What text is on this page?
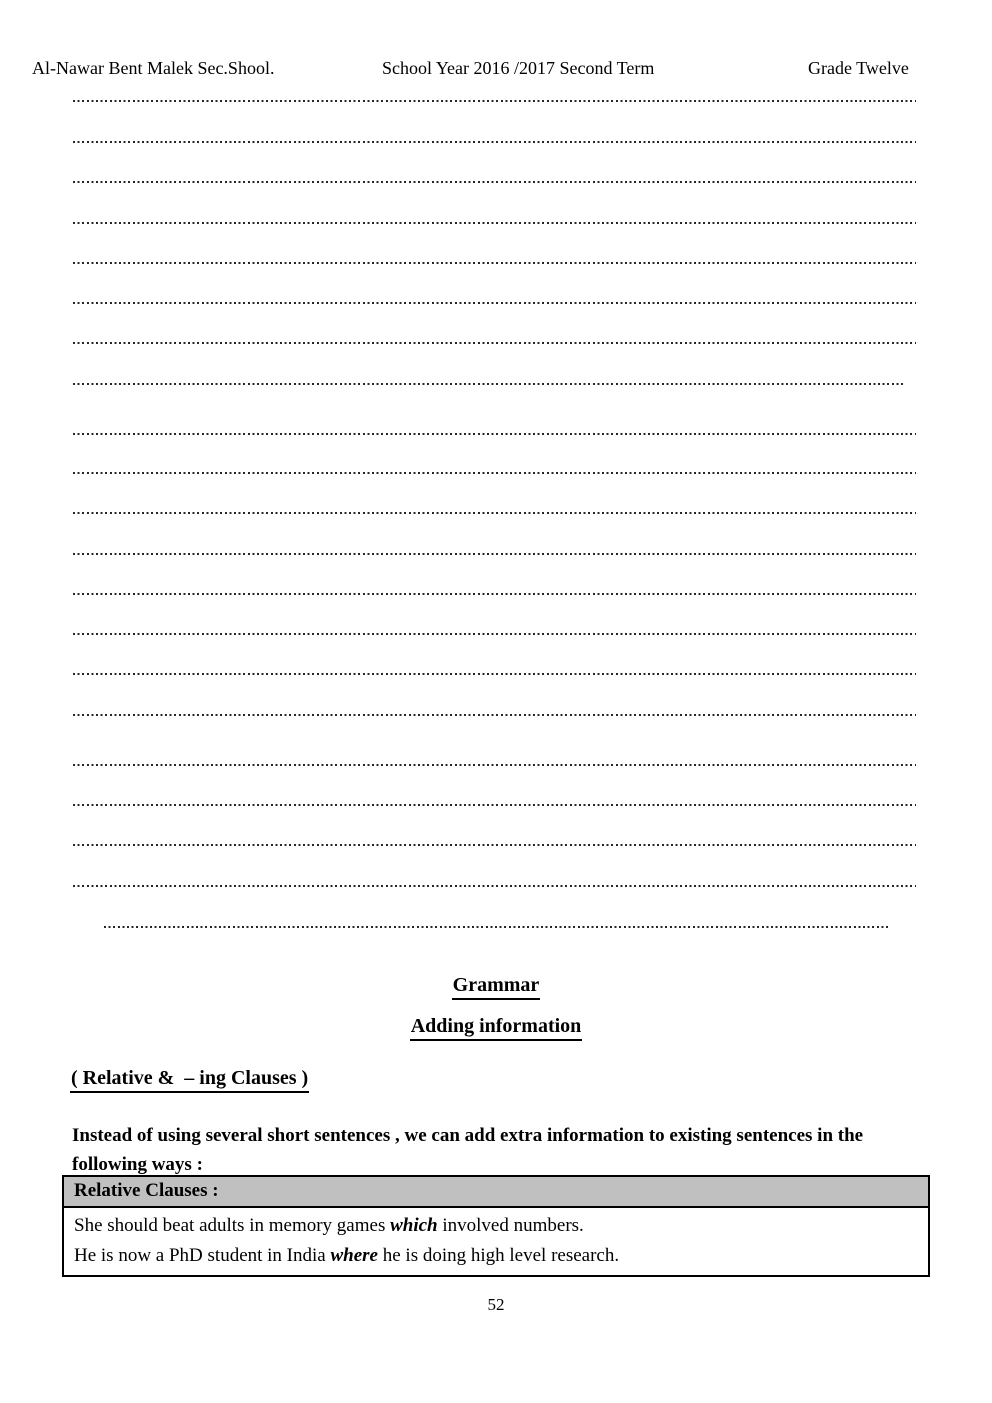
Al-Nawar Bent Malek Sec.Shool.	School Year 2016 /2017 Second Term	Grade Twelve
Grammar
Adding information
( Relative &  – ing Clauses )

Instead of using several short sentences , we can add extra information to existing sentences in the following ways :

Relative Clauses :
She should beat adults in memory games which involved numbers.
He is now a PhD student in India where he is doing high level research.
52
